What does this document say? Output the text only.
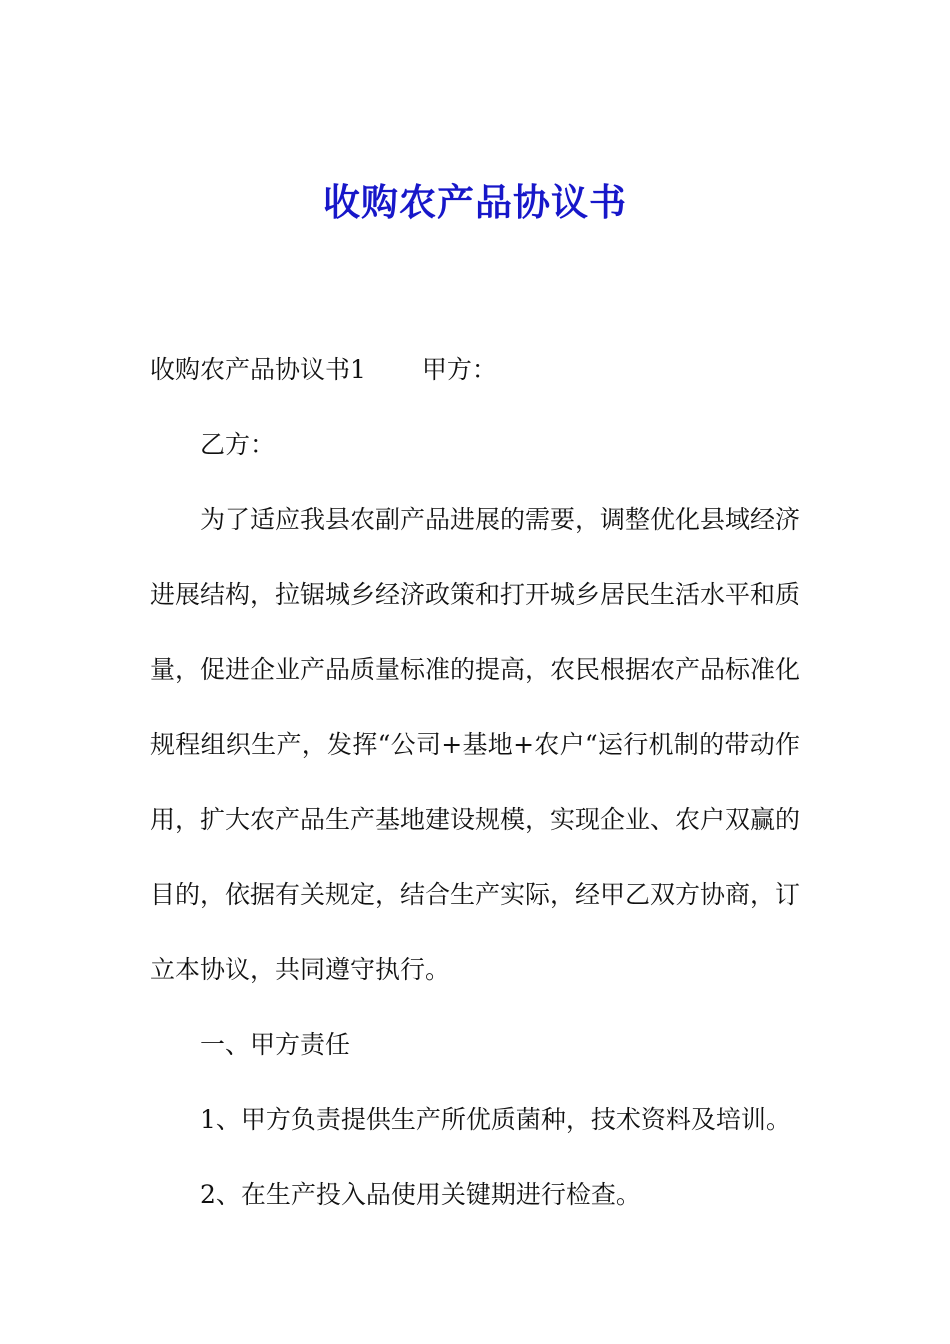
收购农产品协议书

收购农产品协议书1 甲方：

乙方：

为了适应我县农副产品进展的需要，调整优化县域经济进展结构，拉锯城乡经济政策和打开城乡居民生活水平和质量，促进企业产品质量标准的提高，农民根据农产品标准化规程组织生产，发挥“公司+基地+农户“运行机制的带动作用，扩大农产品生产基地建设规模，实现企业、农户双赢的目的，依据有关规定，结合生产实际，经甲乙双方协商，订立本协议，共同遵守执行。

一、甲方责任

1、甲方负责提供生产所优质菌种，技术资料及培训。

2、在生产投入品使用关键期进行检查。
